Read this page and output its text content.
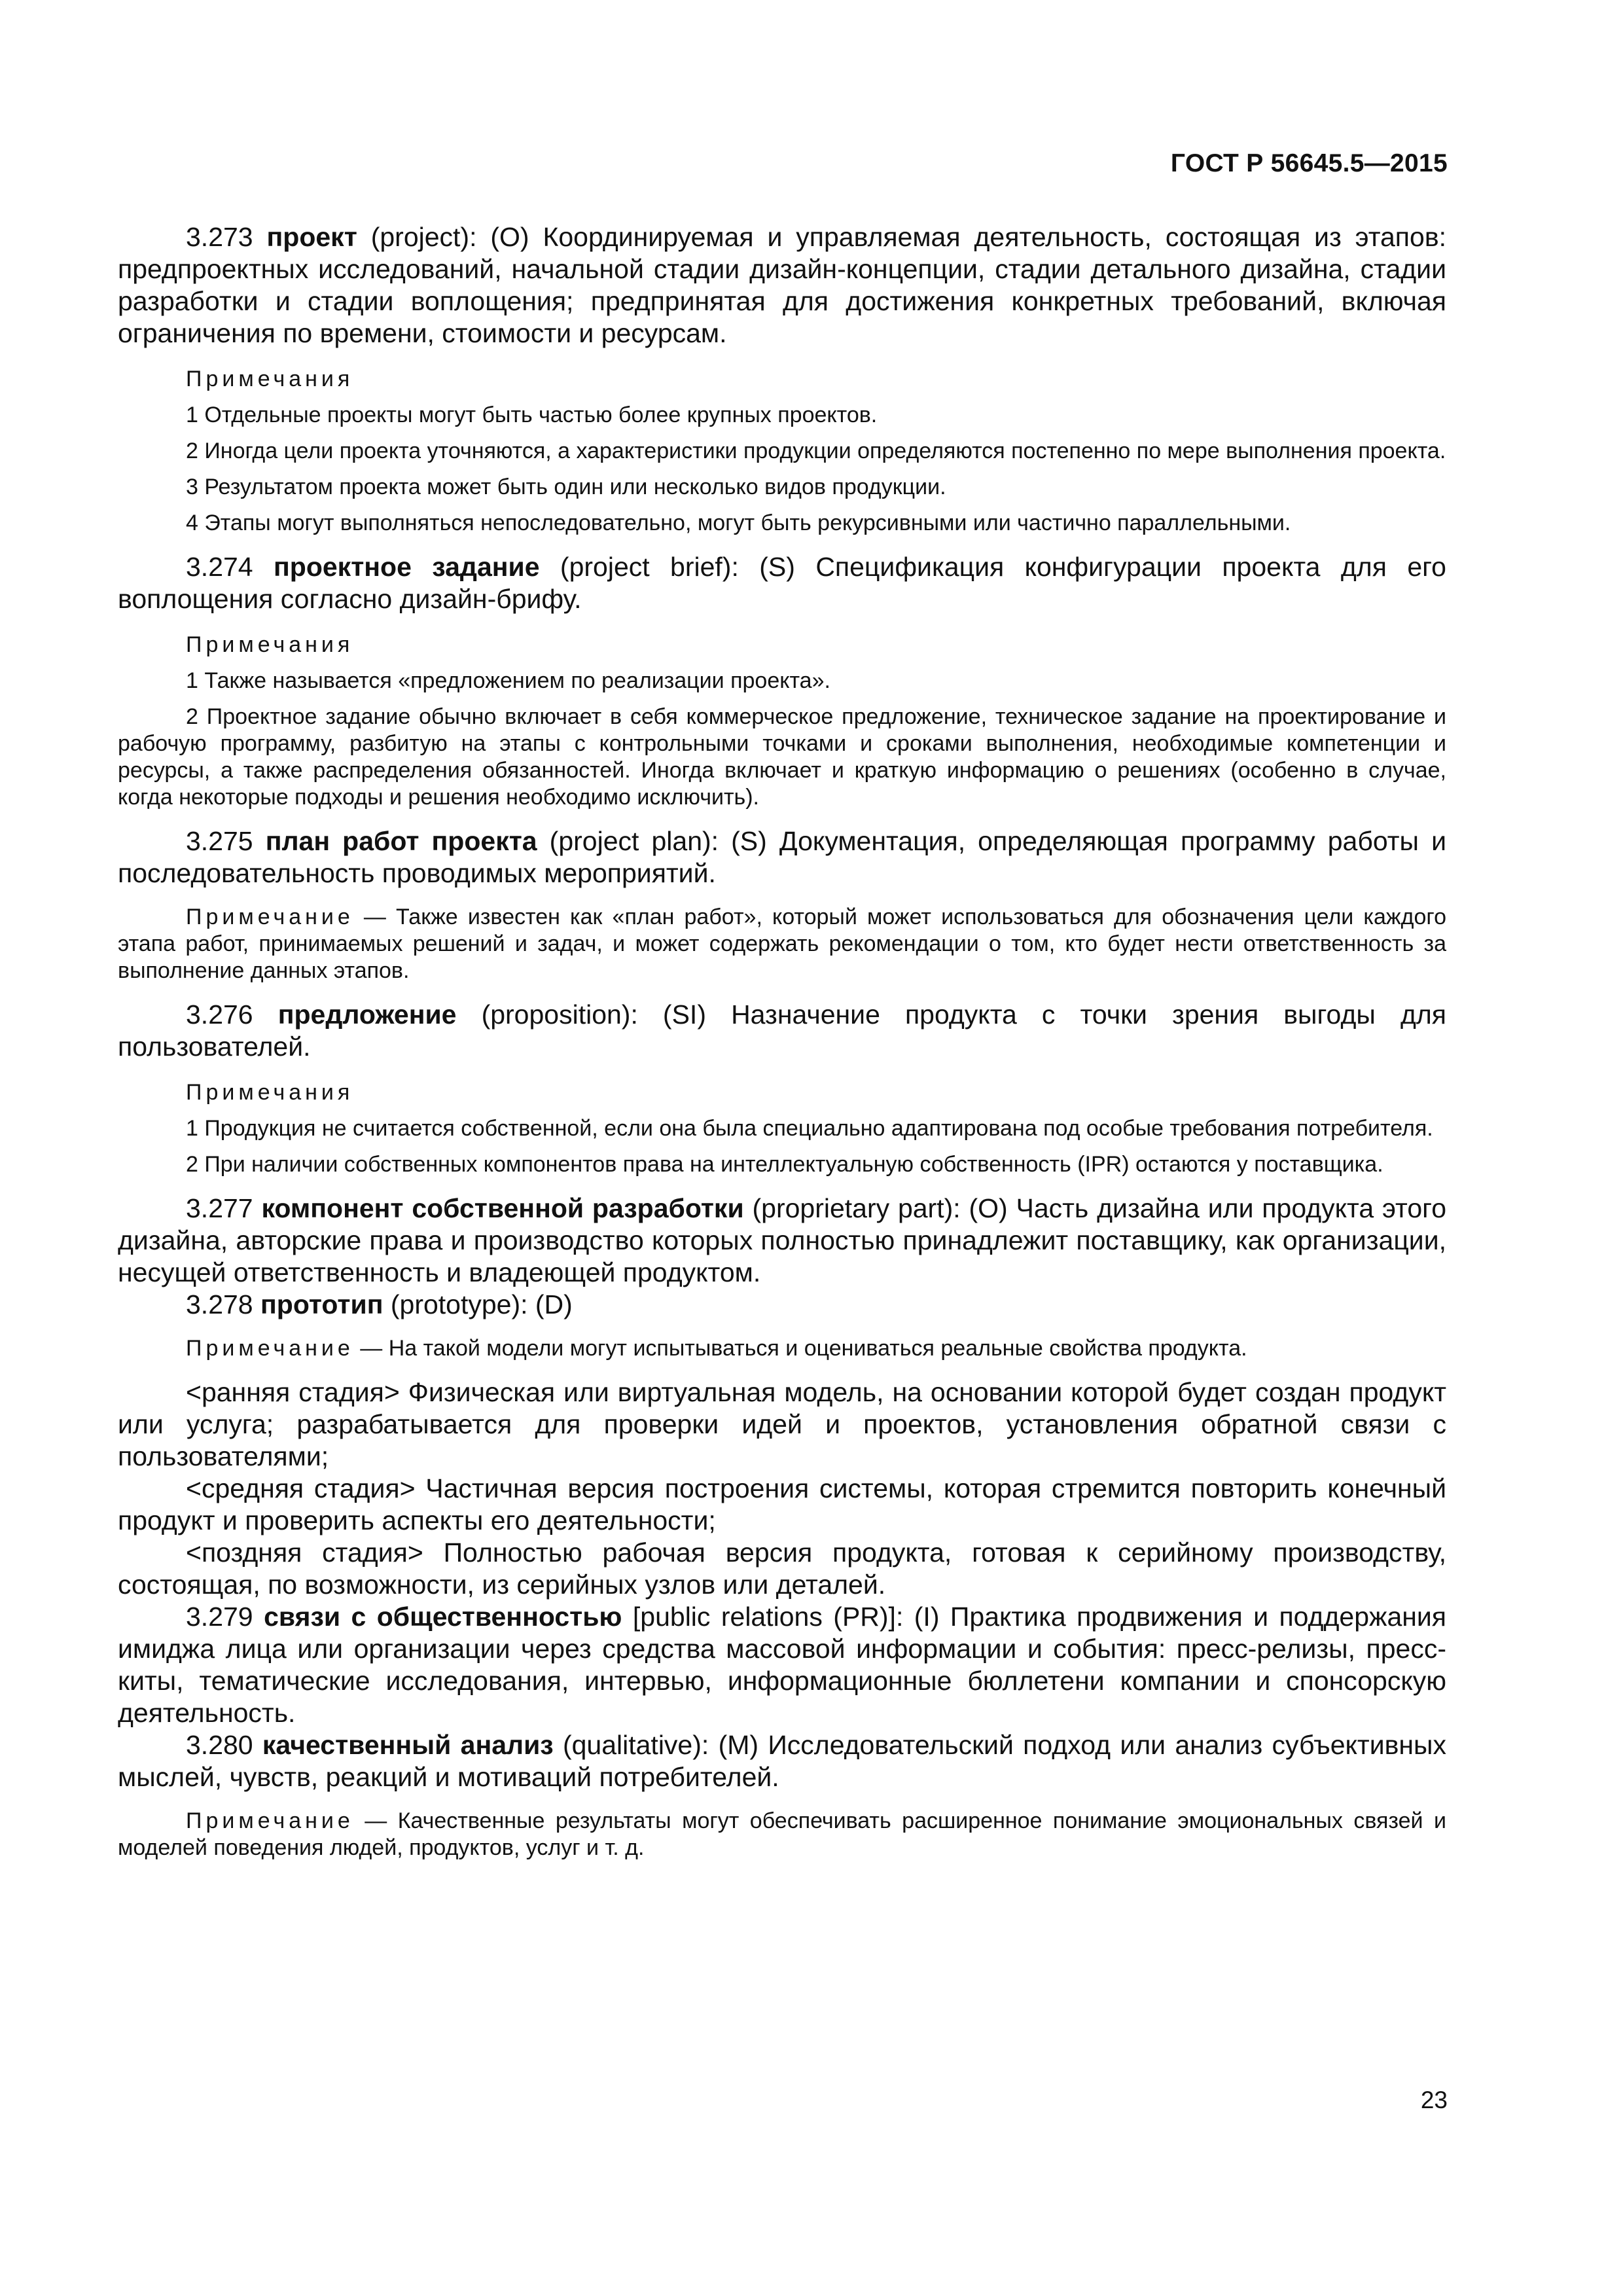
ГОСТ Р 56645.5—2015

3.273 проект (project): (O) Координируемая и управляемая деятельность, состоящая из этапов: предпроектных исследований, начальной стадии дизайн-концепции, стадии детального дизайна, стадии разработки и стадии воплощения; предпринятая для достижения конкретных требований, включая ограничения по времени, стоимости и ресурсам.

Примечания

1 Отдельные проекты могут быть частью более крупных проектов.

2 Иногда цели проекта уточняются, а характеристики продукции определяются постепенно по мере выполнения проекта.

3 Результатом проекта может быть один или несколько видов продукции.

4 Этапы могут выполняться непоследовательно, могут быть рекурсивными или частично параллельными.

3.274 проектное задание (project brief): (S) Спецификация конфигурации проекта для его воплощения согласно дизайн-брифу.

Примечания

1 Также называется «предложением по реализации проекта».

2 Проектное задание обычно включает в себя коммерческое предложение, техническое задание на проектирование и рабочую программу, разбитую на этапы с контрольными точками и сроками выполнения, необходимые компетенции и ресурсы, а также распределения обязанностей. Иногда включает и краткую информацию о решениях (особенно в случае, когда некоторые подходы и решения необходимо исключить).

3.275 план работ проекта (project plan): (S) Документация, определяющая программу работы и последовательность проводимых мероприятий.

Примечание — Также известен как «план работ», который может использоваться для обозначения цели каждого этапа работ, принимаемых решений и задач, и может содержать рекомендации о том, кто будет нести ответственность за выполнение данных этапов.

3.276 предложение (proposition): (SI) Назначение продукта с точки зрения выгоды для пользователей.

Примечания

1 Продукция не считается собственной, если она была специально адаптирована под особые требования потребителя.

2 При наличии собственных компонентов права на интеллектуальную собственность (IPR) остаются у поставщика.

3.277 компонент собственной разработки (proprietary part): (O) Часть дизайна или продукта этого дизайна, авторские права и производство которых полностью принадлежит поставщику, как организации, несущей ответственность и владеющей продуктом.

3.278 прототип (prototype): (D)

Примечание — На такой модели могут испытываться и оцениваться реальные свойства продукта.

<ранняя стадия> Физическая или виртуальная модель, на основании которой будет создан продукт или услуга; разрабатывается для проверки идей и проектов, установления обратной связи с пользователями;

<средняя стадия> Частичная версия построения системы, которая стремится повторить конечный продукт и проверить аспекты его деятельности;

<поздняя стадия> Полностью рабочая версия продукта, готовая к серийному производству, состоящая, по возможности, из серийных узлов или деталей.

3.279 связи с общественностью [public relations (PR)]: (I) Практика продвижения и поддержания имиджа лица или организации через средства массовой информации и события: пресс-релизы, пресс-киты, тематические исследования, интервью, информационные бюллетени компании и спонсорскую деятельность.

3.280 качественный анализ (qualitative): (M) Исследовательский подход или анализ субъективных мыслей, чувств, реакций и мотиваций потребителей.

Примечание — Качественные результаты могут обеспечивать расширенное понимание эмоциональных связей и моделей поведения людей, продуктов, услуг и т. д.

23
